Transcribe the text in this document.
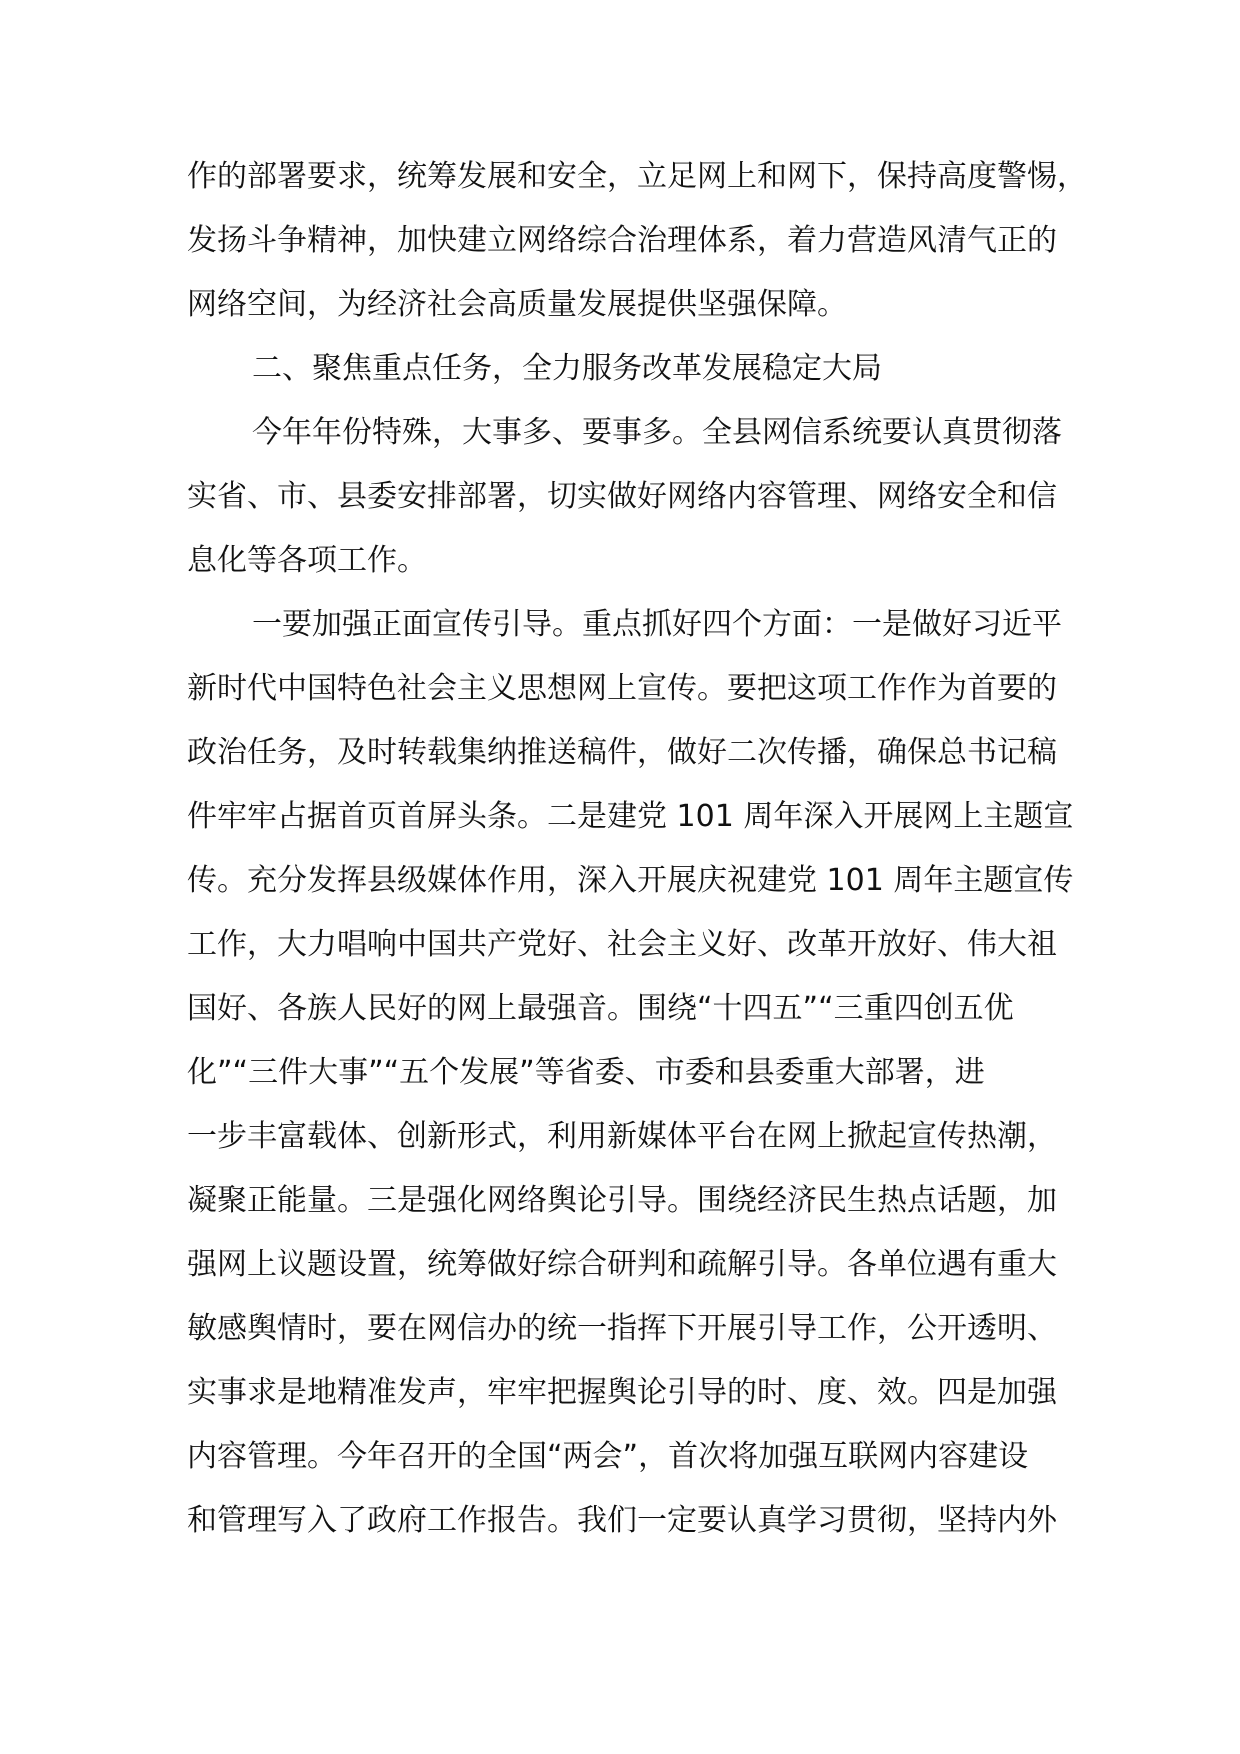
作的部署要求，统筹发展和安全，立足网上和网下，保持高度警惕，
发扬斗争精神，加快建立网络综合治理体系，着力营造风清气正的
网络空间，为经济社会高质量发展提供坚强保障。
二、聚焦重点任务，全力服务改革发展稳定大局
今年年份特殊，大事多、要事多。全县网信系统要认真贯彻落
实省、市、县委安排部署，切实做好网络内容管理、网络安全和信
息化等各项工作。
一要加强正面宣传引导。重点抓好四个方面：一是做好习近平
新时代中国特色社会主义思想网上宣传。要把这项工作作为首要的
政治任务，及时转载集纳推送稿件，做好二次传播，确保总书记稿
件牢牢占据首页首屏头条。二是建党 101 周年深入开展网上主题宣
传。充分发挥县级媒体作用，深入开展庆祝建党 101 周年主题宣传
工作，大力唱响中国共产党好、社会主义好、改革开放好、伟大祖
国好、各族人民好的网上最强音。围绕“十四五”“三重四创五优
化”“三件大事”“五个发展”等省委、市委和县委重大部署，进
一步丰富载体、创新形式，利用新媒体平台在网上掀起宣传热潮，
凝聚正能量。三是强化网络舆论引导。围绕经济民生热点话题，加
强网上议题设置，统筹做好综合研判和疏解引导。各单位遇有重大
敏感舆情时，要在网信办的统一指挥下开展引导工作，公开透明、
实事求是地精准发声，牢牢把握舆论引导的时、度、效。四是加强
内容管理。今年召开的全国“两会”，首次将加强互联网内容建设
和管理写入了政府工作报告。我们一定要认真学习贯彻，坚持内外
